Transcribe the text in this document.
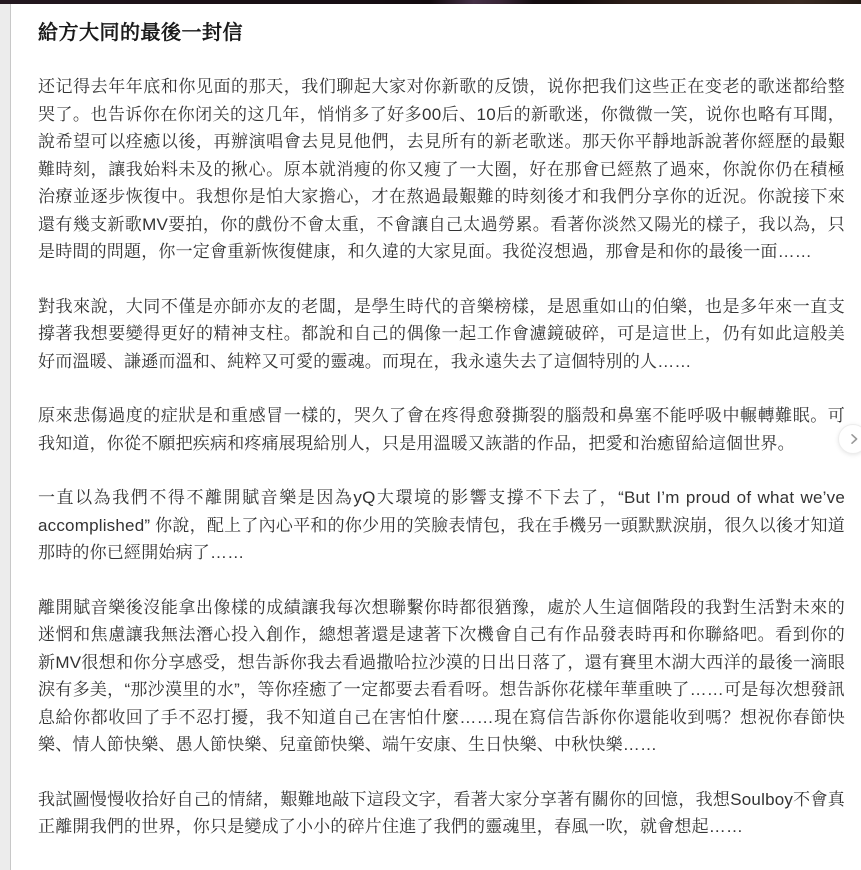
給方大同的最後一封信

还记得去年年底和你见面的那天，我们聊起大家对你新歌的反馈，说你把我们这些正在变老的歌迷都给整哭了。也告诉你在你闭关的这几年，悄悄多了好多00后、10后的新歌迷，你微微一笑，说你也略有耳聞，說希望可以痊癒以後，再辦演唱會去見見他們，去見所有的新老歌迷。那天你平靜地訴說著你經歷的最艱難時刻，讓我始料未及的揪心。原本就消瘦的你又瘦了一大圈，好在那會已經熬了過來，你說你仍在積極治療並逐步恢復中。我想你是怕大家擔心，才在熬過最艱難的時刻後才和我們分享你的近況。你說接下來還有幾支新歌MV要拍，你的戲份不會太重，不會讓自己太過勞累。看著你淡然又陽光的樣子，我以為，只是時間的問題，你一定會重新恢復健康，和久違的大家見面。我從沒想過，那會是和你的最後一面……

對我來說，大同不僅是亦師亦友的老闆，是學生時代的音樂榜樣，是恩重如山的伯樂，也是多年來一直支撐著我想要變得更好的精神支柱。都說和自己的偶像一起工作會濾鏡破碎，可是這世上，仍有如此這般美好而溫暖、謙遜而溫和、純粹又可愛的靈魂。而現在，我永遠失去了這個特別的人……

原來悲傷過度的症狀是和重感冒一樣的，哭久了會在疼得愈發撕裂的腦殼和鼻塞不能呼吸中輾轉難眠。可我知道，你從不願把疾病和疼痛展現給別人，只是用溫暖又詼諧的作品，把愛和治癒留給這個世界。

一直以為我們不得不離開賦音樂是因為yQ大環境的影響支撐不下去了，“But I’m proud of what we’ve accomplished” 你說，配上了內心平和的你少用的笑臉表情包，我在手機另一頭默默淚崩，很久以後才知道那時的你已經開始病了……

離開賦音樂後沒能拿出像樣的成績讓我每次想聯繫你時都很猶豫，處於人生這個階段的我對生活對未來的迷惘和焦慮讓我無法潛心投入創作，總想著還是逮著下次機會自己有作品發表時再和你聯絡吧。看到你的新MV很想和你分享感受，想告訴你我去看過撒哈拉沙漠的日出日落了，還有賽里木湖大西洋的最後一滴眼淚有多美，“那沙漠里的水”，等你痊癒了一定都要去看看呀。想告訴你花樣年華重映了……可是每次想發訊息給你都收回了手不忍打擾，我不知道自己在害怕什麼……現在寫信告訴你你還能收到嗎？想祝你春節快樂、情人節快樂、愚人節快樂、兒童節快樂、端午安康、生日快樂、中秋快樂……

我試圖慢慢收拾好自己的情緒，艱難地敲下這段文字，看著大家分享著有關你的回憶，我想Soulboy不會真正離開我們的世界，你只是變成了小小的碎片住進了我們的靈魂里，春風一吹，就會想起……
